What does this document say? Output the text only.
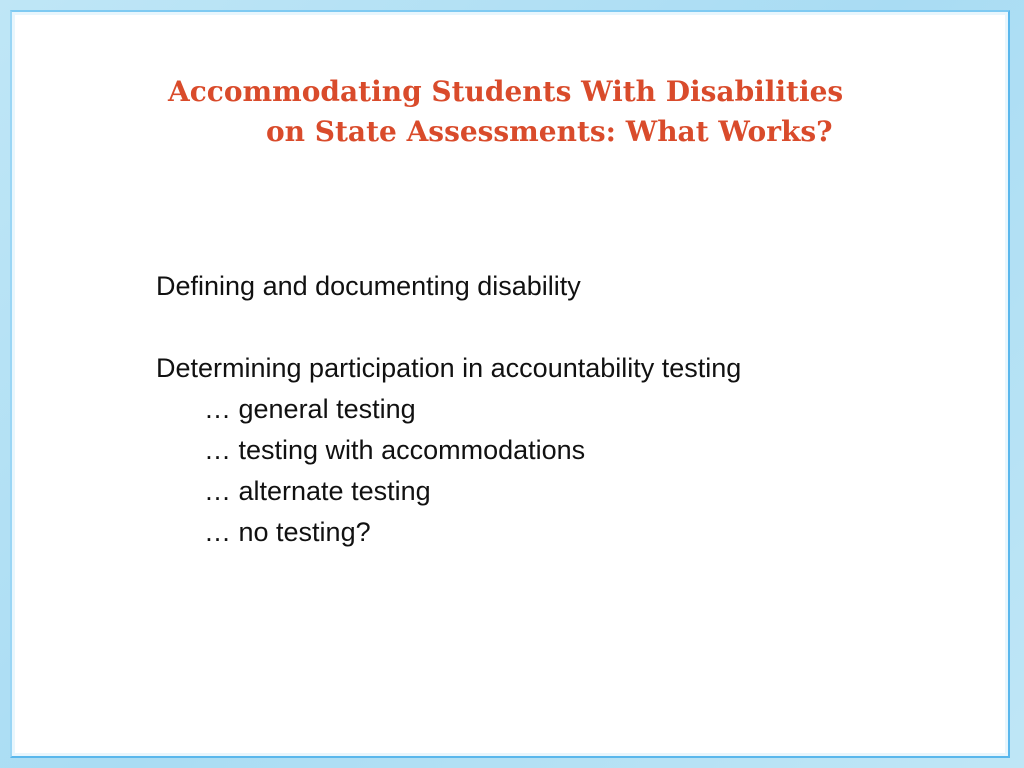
Accommodating Students With Disabilities
on State Assessments: What Works?
Defining and documenting disability
Determining participation in accountability testing
… general testing
… testing with accommodations
… alternate testing
… no testing?
